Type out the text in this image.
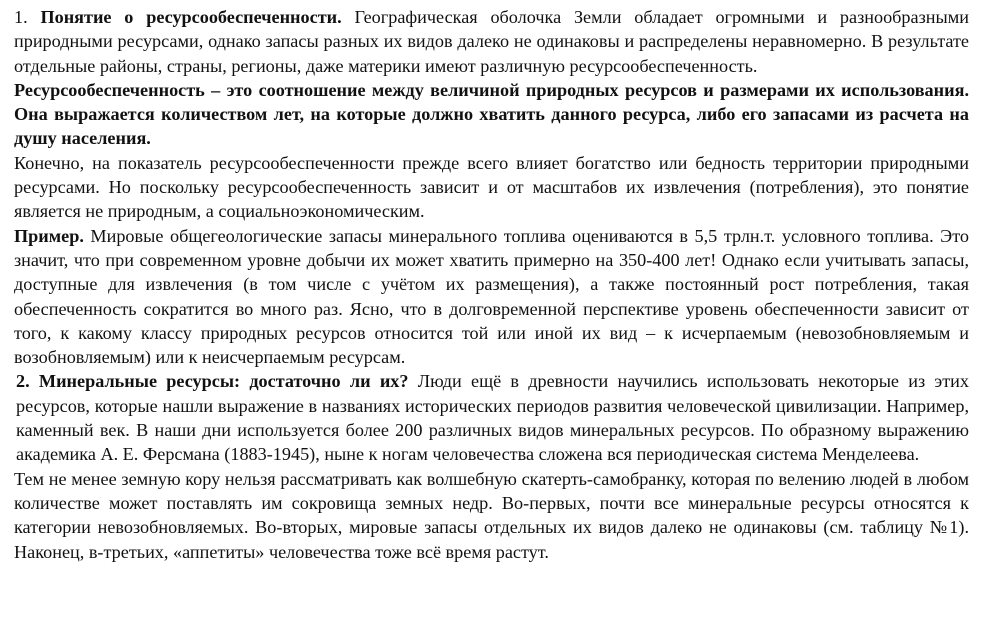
1. Понятие о ресурсообеспеченности. Географическая оболочка Земли обладает огромными и разнообразными природными ресурсами, однако запасы разных их видов далеко не одинаковы и распределены неравномерно. В результате отдельные районы, страны, регионы, даже материки имеют различную ресурсообеспеченность.

Ресурсообеспеченность – это соотношение между величиной природных ресурсов и размерами их использования. Она выражается количеством лет, на которые должно хватить данного ресурса, либо его запасами из расчета на душу населения.

Конечно, на показатель ресурсообеспеченности прежде всего влияет богатство или бедность территории природными ресурсами. Но поскольку ресурсообеспеченность зависит и от масштабов их извлечения (потребления), это понятие является не природным, а социальноэкономическим.

Пример. Мировые общегеологические запасы минерального топлива оцениваются в 5,5 трлн.т. условного топлива. Это значит, что при современном уровне добычи их может хватить примерно на 350-400 лет! Однако если учитывать запасы, доступные для извлечения (в том числе с учётом их размещения), а также постоянный рост потребления, такая обеспеченность сократится во много раз. Ясно, что в долговременной перспективе уровень обеспеченности зависит от того, к какому классу природных ресурсов относится той или иной их вид – к исчерпаемым (невозобновляемым и возобновляемым) или к неисчерпаемым ресурсам.

2. Минеральные ресурсы: достаточно ли их? Люди ещё в древности научились использовать некоторые из этих ресурсов, которые нашли выражение в названиях исторических периодов развития человеческой цивилизации. Например, каменный век. В наши дни используется более 200 различных видов минеральных ресурсов. По образному выражению академика А. Е. Ферсмана (1883-1945), ныне к ногам человечества сложена вся периодическая система Менделеева.

Тем не менее земную кору нельзя рассматривать как волшебную скатерть-самобранку, которая по велению людей в любом количестве может поставлять им сокровища земных недр. Во-первых, почти все минеральные ресурсы относятся к категории невозобновляемых. Во-вторых, мировые запасы отдельных их видов далеко не одинаковы (см. таблицу №1). Наконец, в-третьих, «аппетиты» человечества тоже всё время растут.
